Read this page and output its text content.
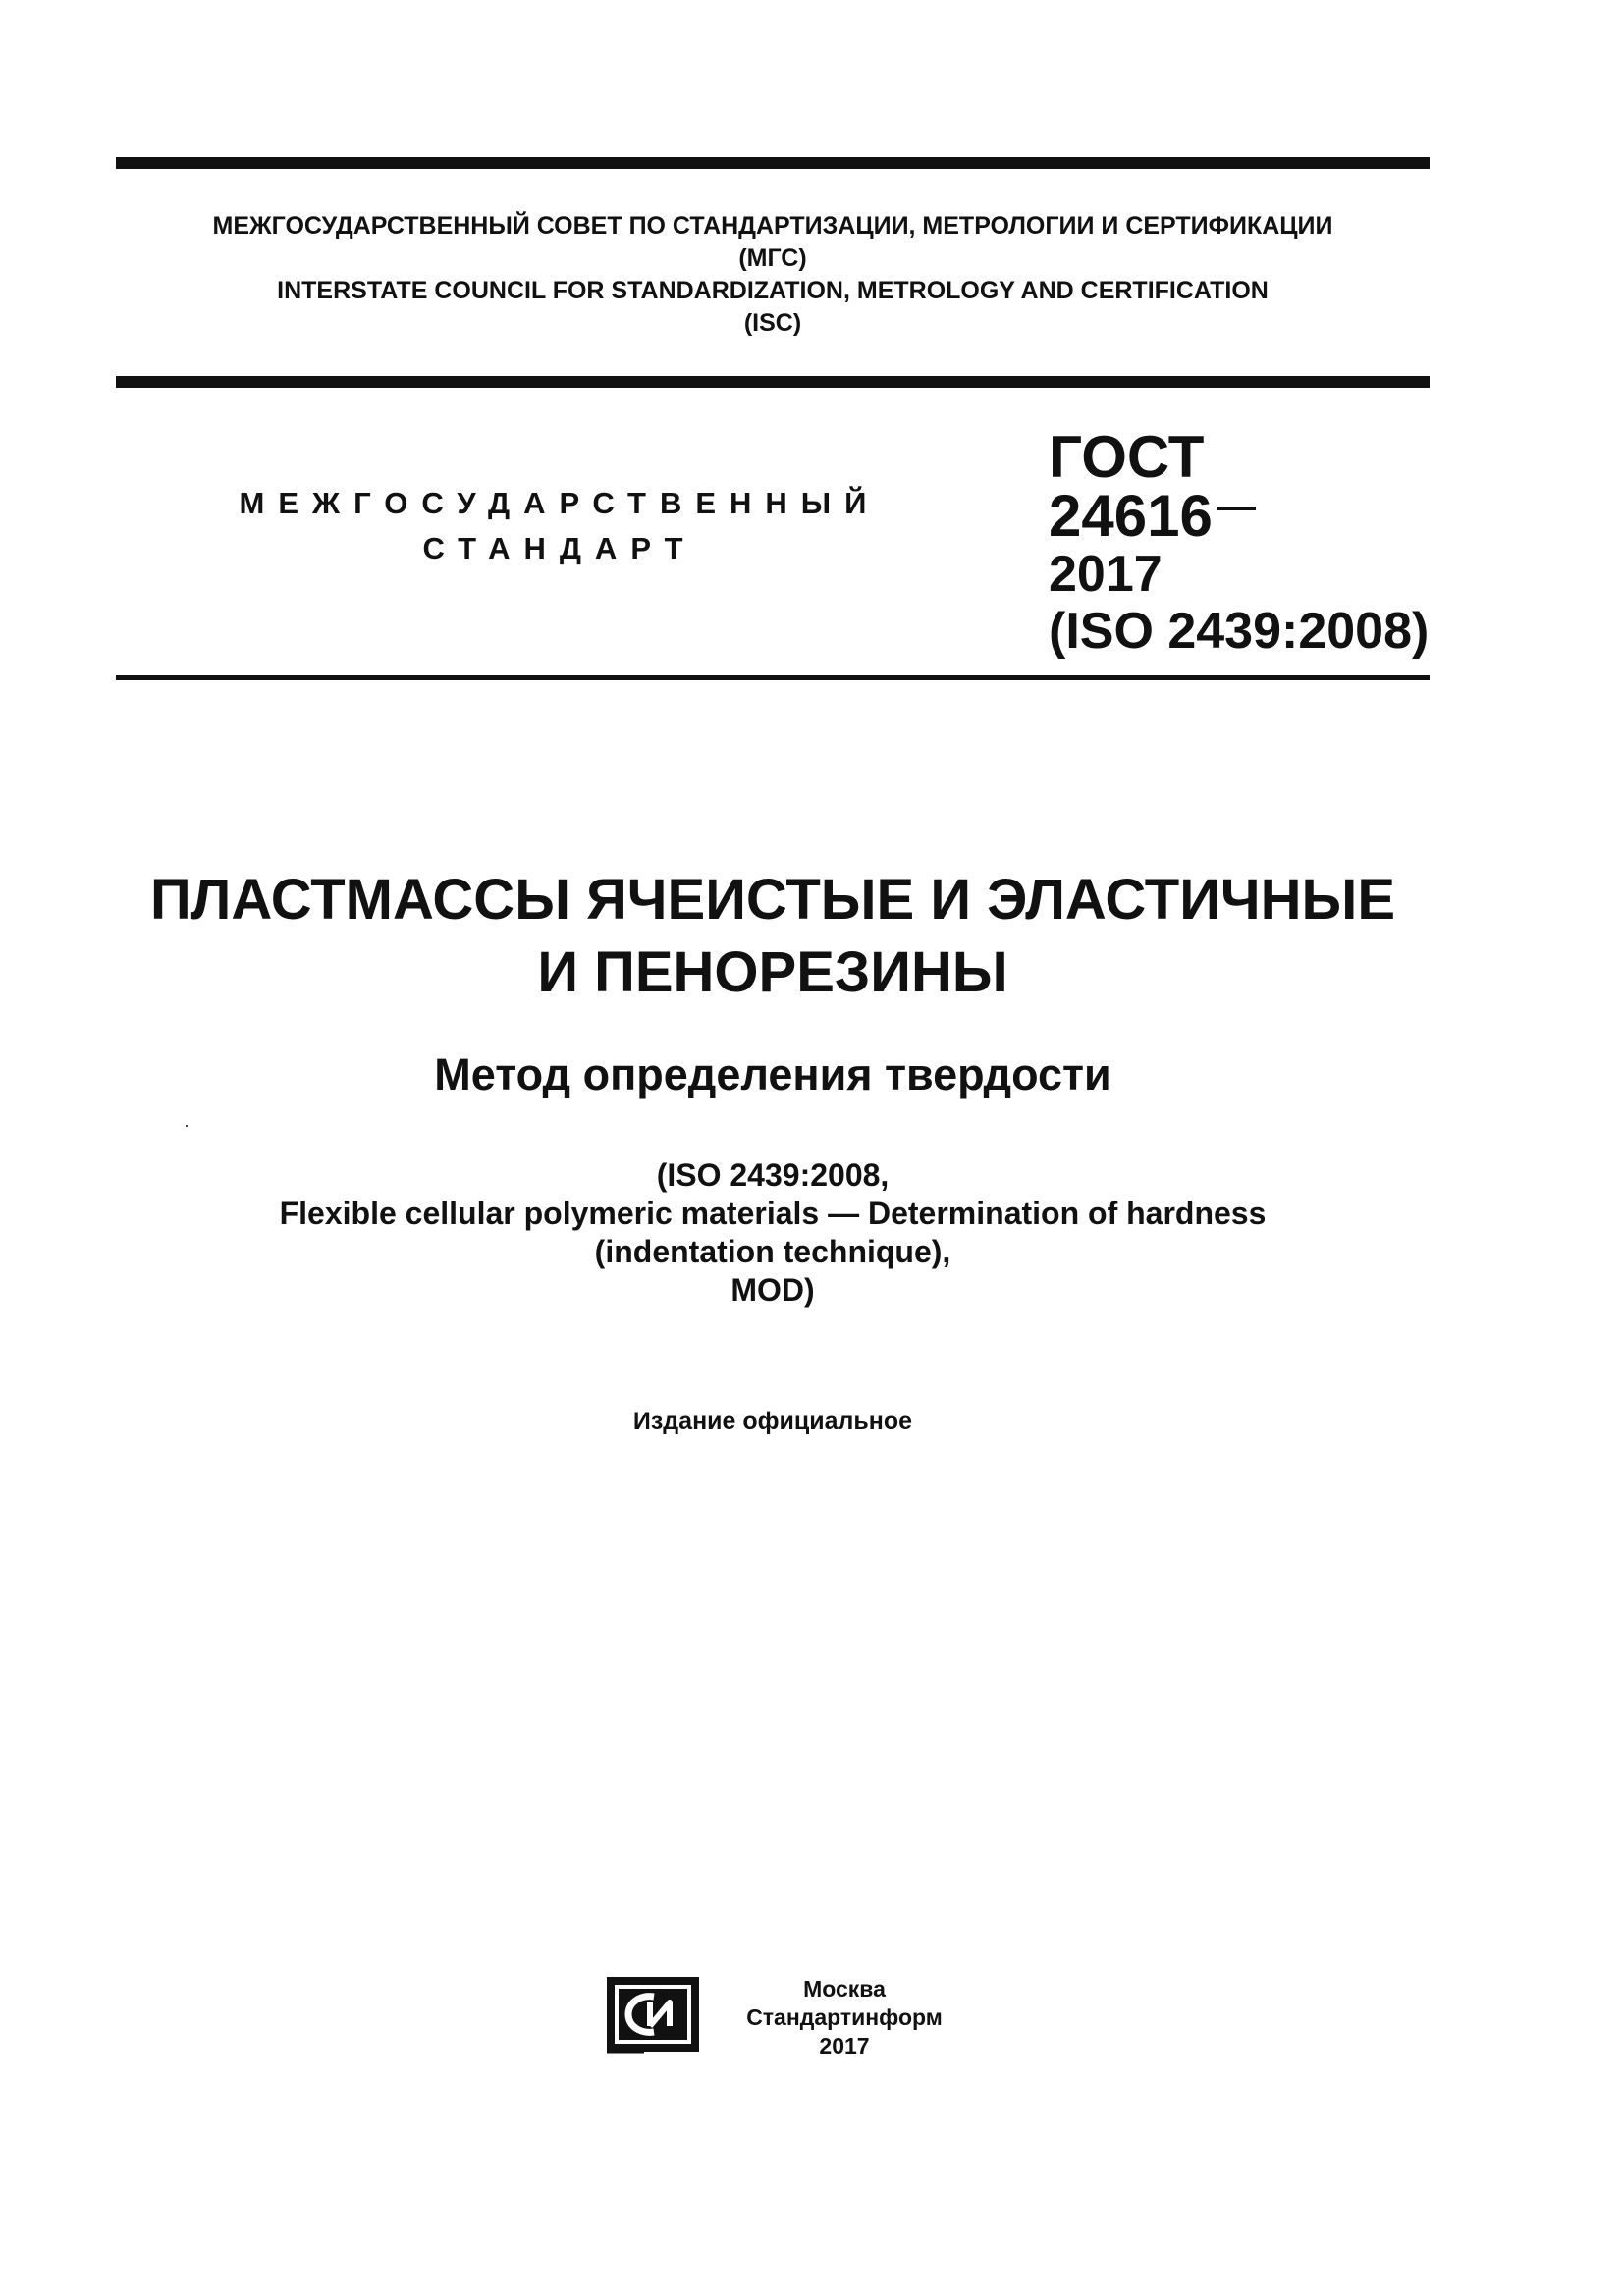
МЕЖГОСУДАРСТВЕННЫЙ СОВЕТ ПО СТАНДАРТИЗАЦИИ, МЕТРОЛОГИИ И СЕРТИФИКАЦИИ
(МГС)
INTERSTATE COUNCIL FOR STANDARDIZATION, METROLOGY AND CERTIFICATION
(ISC)
МЕЖГОСУДАРСТВЕННЫЙ
СТАНДАРТ
ГОСТ
24616
2017
(ISO 2439:2008)
ПЛАСТМАССЫ ЯЧЕИСТЫЕ И ЭЛАСТИЧНЫЕ
И ПЕНОРЕЗИНЫ
Метод определения твердости
(ISO 2439:2008,
Flexible cellular polymeric materials — Determination of hardness
(indentation technique),
MOD)
Издание официальное
Москва
Стандартинформ
2017
